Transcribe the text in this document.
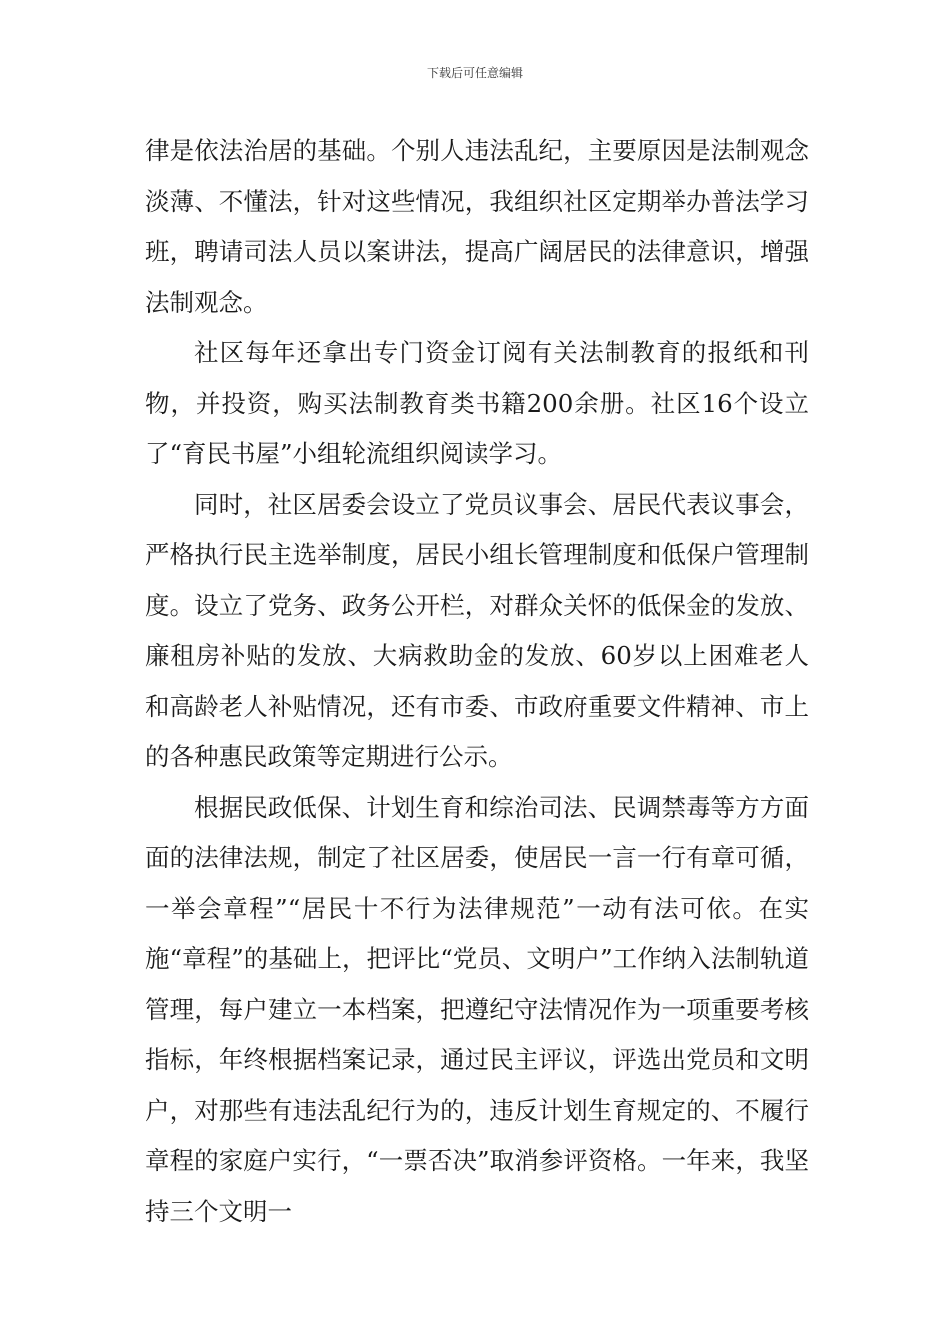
下载后可任意编辑

律是依法治居的基础。个别人违法乱纪，主要原因是法制观念淡薄、不懂法，针对这些情况，我组织社区定期举办普法学习班，聘请司法人员以案讲法，提高广阔居民的法律意识，增强法制观念。

社区每年还拿出专门资金订阅有关法制教育的报纸和刊物，并投资，购买法制教育类书籍200余册。社区16个设立了“育民书屋”小组轮流组织阅读学习。

同时，社区居委会设立了党员议事会、居民代表议事会，严格执行民主选举制度，居民小组长管理制度和低保户管理制度。设立了党务、政务公开栏，对群众关怀的低保金的发放、廉租房补贴的发放、大病救助金的发放、60岁以上困难老人和高龄老人补贴情况，还有市委、市政府重要文件精神、市上的各种惠民政策等定期进行公示。

根据民政低保、计划生育和综治司法、民调禁毒等方方面面的法律法规，制定了社区居委，使居民一言一行有章可循，一举会章程”“居民十不行为法律规范”一动有法可依。在实施“章程”的基础上，把评比“党员、文明户”工作纳入法制轨道管理，每户建立一本档案，把遵纪守法情况作为一项重要考核指标，年终根据档案记录，通过民主评议，评选出党员和文明户，对那些有违法乱纪行为的，违反计划生育规定的、不履行章程的家庭户实行，“一票否决”取消参评资格。一年来，我坚持三个文明一
